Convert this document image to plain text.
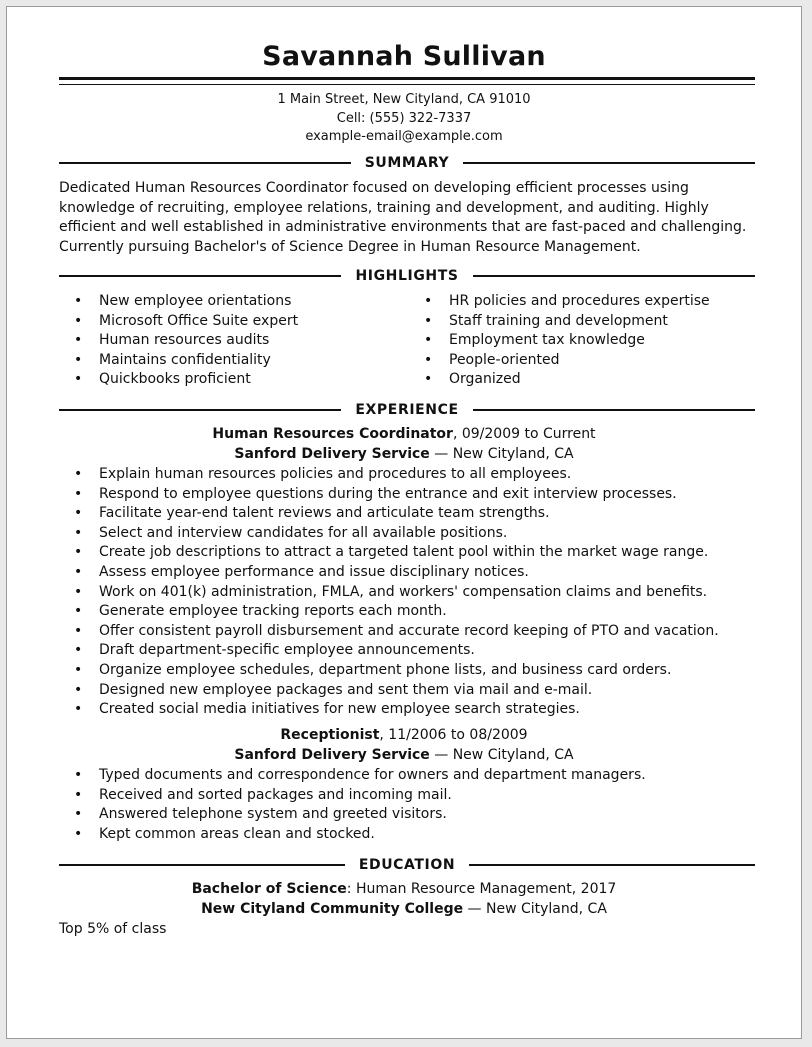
Savannah Sullivan
1 Main Street, New Cityland, CA 91010
Cell: (555) 322-7337
example-email@example.com
SUMMARY
Dedicated Human Resources Coordinator focused on developing efficient processes using
knowledge of recruiting, employee relations, training and development, and auditing. Highly
efficient and well established in administrative environments that are fast-paced and challenging.
Currently pursuing Bachelor's of Science Degree in Human Resource Management.
HIGHLIGHTS
• New employee orientations
• Microsoft Office Suite expert
• Human resources audits
• Maintains confidentiality
• Quickbooks proficient
• HR policies and procedures expertise
• Staff training and development
• Employment tax knowledge
• People-oriented
• Organized
EXPERIENCE
Human Resources Coordinator, 09/2009 to Current
Sanford Delivery Service — New Cityland, CA
• Explain human resources policies and procedures to all employees.
• Respond to employee questions during the entrance and exit interview processes.
• Facilitate year-end talent reviews and articulate team strengths.
• Select and interview candidates for all available positions.
• Create job descriptions to attract a targeted talent pool within the market wage range.
• Assess employee performance and issue disciplinary notices.
• Work on 401(k) administration, FMLA, and workers' compensation claims and benefits.
• Generate employee tracking reports each month.
• Offer consistent payroll disbursement and accurate record keeping of PTO and vacation.
• Draft department-specific employee announcements.
• Organize employee schedules, department phone lists, and business card orders.
• Designed new employee packages and sent them via mail and e-mail.
• Created social media initiatives for new employee search strategies.
Receptionist, 11/2006 to 08/2009
Sanford Delivery Service — New Cityland, CA
• Typed documents and correspondence for owners and department managers.
• Received and sorted packages and incoming mail.
• Answered telephone system and greeted visitors.
• Kept common areas clean and stocked.
EDUCATION
Bachelor of Science: Human Resource Management, 2017
New Cityland Community College — New Cityland, CA
Top 5% of class
